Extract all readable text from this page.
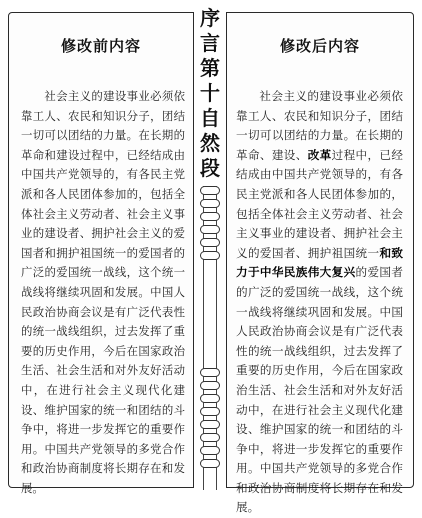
修改前内容
社会主义的建设事业必须依靠工人、农民和知识分子，团结一切可以团结的力量。在长期的革命和建设过程中，已经结成由中国共产党领导的，有各民主党派和各人民团体参加的，包括全体社会主义劳动者、社会主义事业的建设者、拥护社会主义的爱国者和拥护祖国统一的爱国者的广泛的爱国统一战线，这个统一战线将继续巩固和发展。中国人民政治协商会议是有广泛代表性的统一战线组织，过去发挥了重要的历史作用，今后在国家政治生活、社会生活和对外友好活动中，在进行社会主义现代化建设、维护国家的统一和团结的斗争中，将进一步发挥它的重要作用。中国共产党领导的多党合作和政治协商制度将长期存在和发展。
修改后内容
社会主义的建设事业必须依靠工人、农民和知识分子，团结一切可以团结的力量。在长期的革命、建设、改革过程中，已经结成由中国共产党领导的，有各民主党派和各人民团体参加的，包括全体社会主义劳动者、社会主义事业的建设者、拥护社会主义的爱国者、拥护祖国统一和致力于中华民族伟大复兴的爱国者的广泛的爱国统一战线，这个统一战线将继续巩固和发展。中国人民政治协商会议是有广泛代表性的统一战线组织，过去发挥了重要的历史作用，今后在国家政治生活、社会生活和对外友好活动中，在进行社会主义现代化建设、维护国家的统一和团结的斗争中，将进一步发挥它的重要作用。中国共产党领导的多党合作和政治协商制度将长期存在和发展。
序
言
第
十
自
然
段
